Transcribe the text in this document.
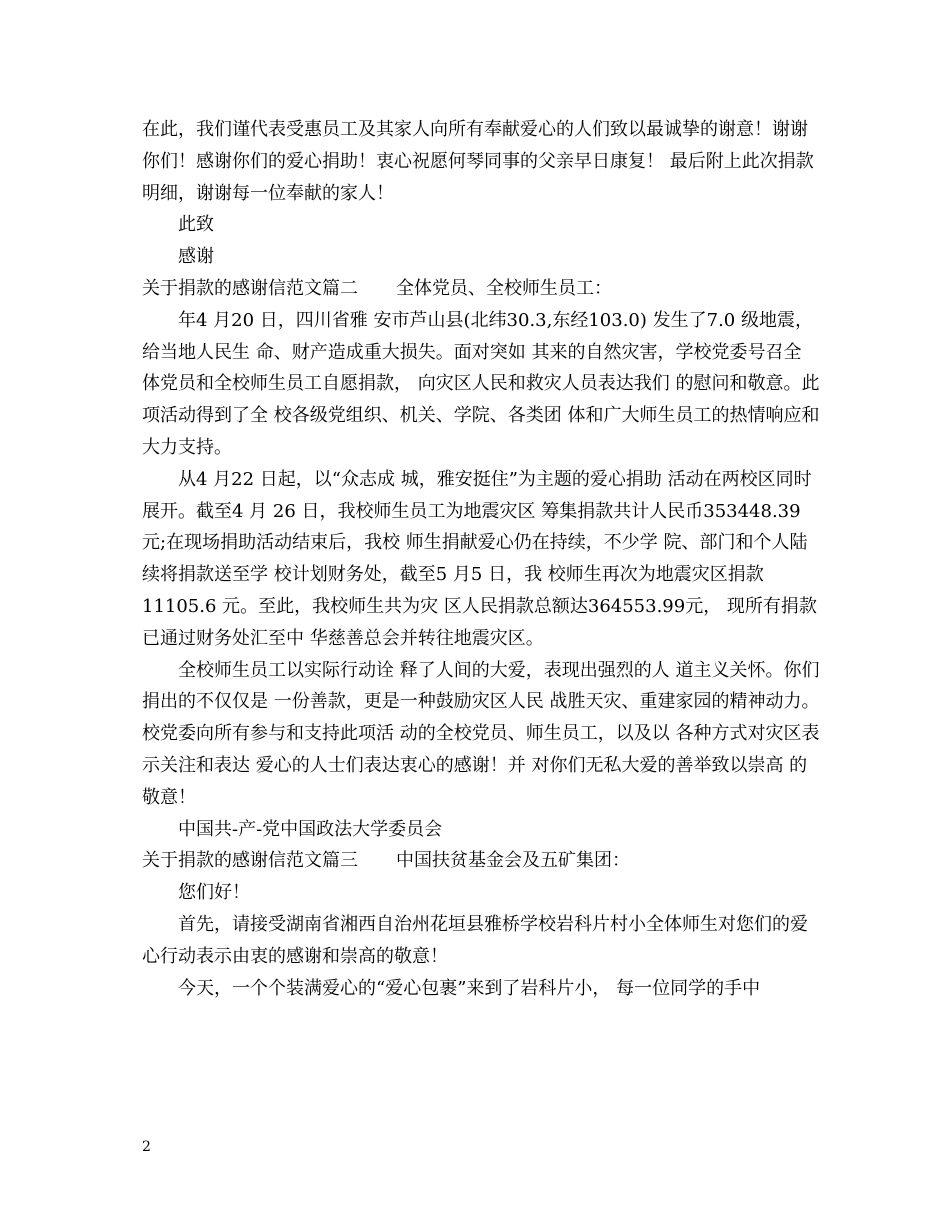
在此，我们谨代表受惠员工及其家人向所有奉献爱心的人们致以最诚挚的谢意！谢谢你们！感谢你们的爱心捐助！衷心祝愿何琴同事的父亲早日康复！ 最后附上此次捐款明细，谢谢每一位奉献的家人！

此致

感谢

关于捐款的感谢信范文篇二 全体党员、全校师生员工：

年4 月20 日，四川省雅 安市芦山县(北纬30.3,东经103.0) 发生了7.0 级地震，给当地人民生 命、财产造成重大损失。面对突如 其来的自然灾害，学校党委号召全 体党员和全校师生员工自愿捐款， 向灾区人民和救灾人员表达我们 的慰问和敬意。此项活动得到了全 校各级党组织、机关、学院、各类团 体和广大师生员工的热情响应和 大力支持。

从4 月22 日起，以“众志成 城，雅安挺住”为主题的爱心捐助 活动在两校区同时展开。截至4 月 26 日，我校师生员工为地震灾区 筹集捐款共计人民币353448.39 元;在现场捐助活动结束后，我校 师生捐献爱心仍在持续，不少学 院、部门和个人陆续将捐款送至学 校计划财务处，截至5 月5 日，我 校师生再次为地震灾区捐款 11105.6 元。至此，我校师生共为灾 区人民捐款总额达364553.99元， 现所有捐款已通过财务处汇至中 华慈善总会并转往地震灾区。

全校师生员工以实际行动诠 释了人间的大爱，表现出强烈的人 道主义关怀。你们捐出的不仅仅是 一份善款，更是一种鼓励灾区人民 战胜天灾、重建家园的精神动力。 校党委向所有参与和支持此项活 动的全校党员、师生员工，以及以 各种方式对灾区表示关注和表达 爱心的人士们表达衷心的感谢！并 对你们无私大爱的善举致以崇高 的敬意！

中国共-产-党中国政法大学委员会

关于捐款的感谢信范文篇三 中国扶贫基金会及五矿集团：

您们好！

首先，请接受湖南省湘西自治州花垣县雅桥学校岩科片村小全体师生对您们的爱心行动表示由衷的感谢和崇高的敬意！

今天，一个个装满爱心的“爱心包裹”来到了岩科片小， 每一位同学的手中

2
